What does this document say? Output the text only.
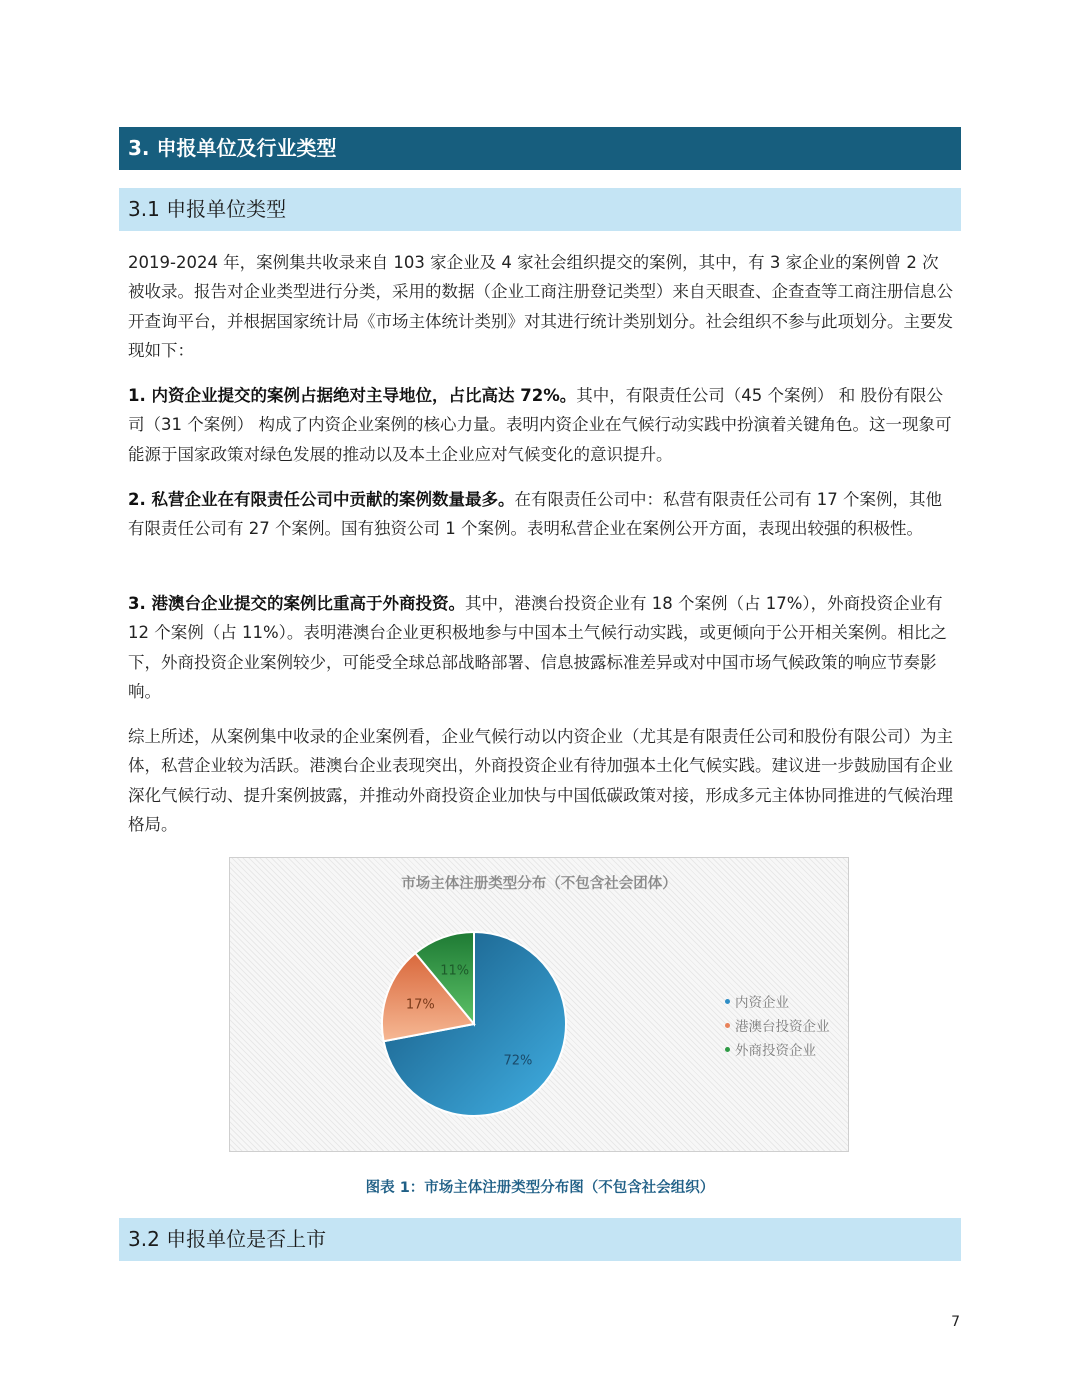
3. 申报单位及行业类型
3.1 申报单位类型

2019-2024 年，案例集共收录来自 103 家企业及 4 家社会组织提交的案例，其中，有 3 家企业的案例曾 2 次被收录。报告对企业类型进行分类，采用的数据（企业工商注册登记类型）来自天眼查、企查查等工商注册信息公开查询平台，并根据国家统计局《市场主体统计类别》对其进行统计类别划分。社会组织不参与此项划分。主要发现如下：

1. 内资企业提交的案例占据绝对主导地位，占比高达 72%。其中，有限责任公司（45 个案例） 和 股份有限公司（31 个案例） 构成了内资企业案例的核心力量。表明内资企业在气候行动实践中扮演着关键角色。这一现象可能源于国家政策对绿色发展的推动以及本土企业应对气候变化的意识提升。

2. 私营企业在有限责任公司中贡献的案例数量最多。在有限责任公司中：私营有限责任公司有 17 个案例，其他有限责任公司有 27 个案例。国有独资公司 1 个案例。表明私营企业在案例公开方面，表现出较强的积极性。

3. 港澳台企业提交的案例比重高于外商投资。其中，港澳台投资企业有 18 个案例（占 17%），外商投资企业有 12 个案例（占 11%）。表明港澳台企业更积极地参与中国本土气候行动实践，或更倾向于公开相关案例。相比之下，外商投资企业案例较少，可能受全球总部战略部署、信息披露标准差异或对中国市场气候政策的响应节奏影响。

综上所述，从案例集中收录的企业案例看，企业气候行动以内资企业（尤其是有限责任公司和股份有限公司）为主体，私营企业较为活跃。港澳台企业表现突出，外商投资企业有待加强本土化气候实践。建议进一步鼓励国有企业深化气候行动、提升案例披露，并推动外商投资企业加快与中国低碳政策对接，形成多元主体协同推进的气候治理格局。

市场主体注册类型分布（不包含社会团体）
72%
17%
11%
内资企业
港澳台投资企业
外商投资企业
图表 1：市场主体注册类型分布图（不包含社会组织）
3.2 申报单位是否上市
7
